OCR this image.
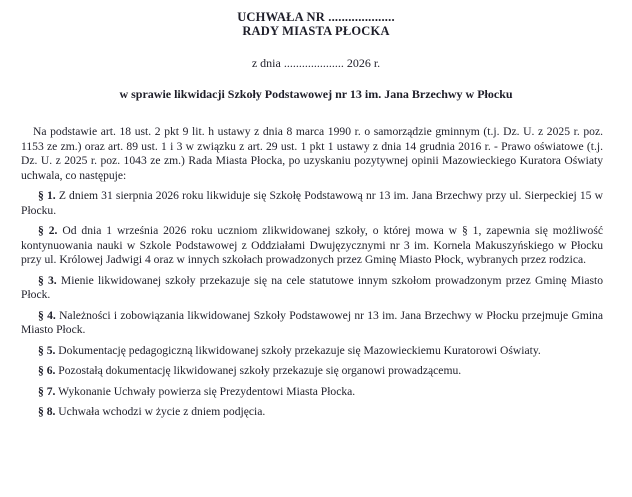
UCHWAŁA NR ....................
RADY MIASTA PŁOCKA
z dnia .................... 2026 r.
w sprawie likwidacji Szkoły Podstawowej nr 13 im. Jana Brzechwy w Płocku

Na podstawie art. 18 ust. 2 pkt 9 lit. h ustawy z dnia 8 marca 1990 r. o samorządzie gminnym (t.j. Dz. U. z 2025 r. poz. 1153 ze zm.) oraz art. 89 ust. 1 i 3 w związku z art. 29 ust. 1 pkt 1 ustawy z dnia 14 grudnia 2016 r. - Prawo oświatowe (t.j. Dz. U. z 2025 r. poz. 1043 ze zm.) Rada Miasta Płocka, po uzyskaniu pozytywnej opinii Mazowieckiego Kuratora Oświaty uchwala, co następuje:

§ 1. Z dniem 31 sierpnia 2026 roku likwiduje się Szkołę Podstawową nr 13 im. Jana Brzechwy przy ul. Sierpeckiej 15 w Płocku.

§ 2. Od dnia 1 września 2026 roku uczniom zlikwidowanej szkoły, o której mowa w § 1, zapewnia się możliwość kontynuowania nauki w Szkole Podstawowej z Oddziałami Dwujęzycznymi nr 3 im. Kornela Makuszyńskiego w Płocku przy ul. Królowej Jadwigi 4 oraz w innych szkołach prowadzonych przez Gminę Miasto Płock, wybranych przez rodzica.

§ 3. Mienie likwidowanej szkoły przekazuje się na cele statutowe innym szkołom prowadzonym przez Gminę Miasto Płock.

§ 4. Należności i zobowiązania likwidowanej Szkoły Podstawowej nr 13 im. Jana Brzechwy w Płocku przejmuje Gmina Miasto Płock.

§ 5. Dokumentację pedagogiczną likwidowanej szkoły przekazuje się Mazowieckiemu Kuratorowi Oświaty.

§ 6. Pozostałą dokumentację likwidowanej szkoły przekazuje się organowi prowadzącemu.

§ 7. Wykonanie Uchwały powierza się Prezydentowi Miasta Płocka.

§ 8. Uchwała wchodzi w życie z dniem podjęcia.
